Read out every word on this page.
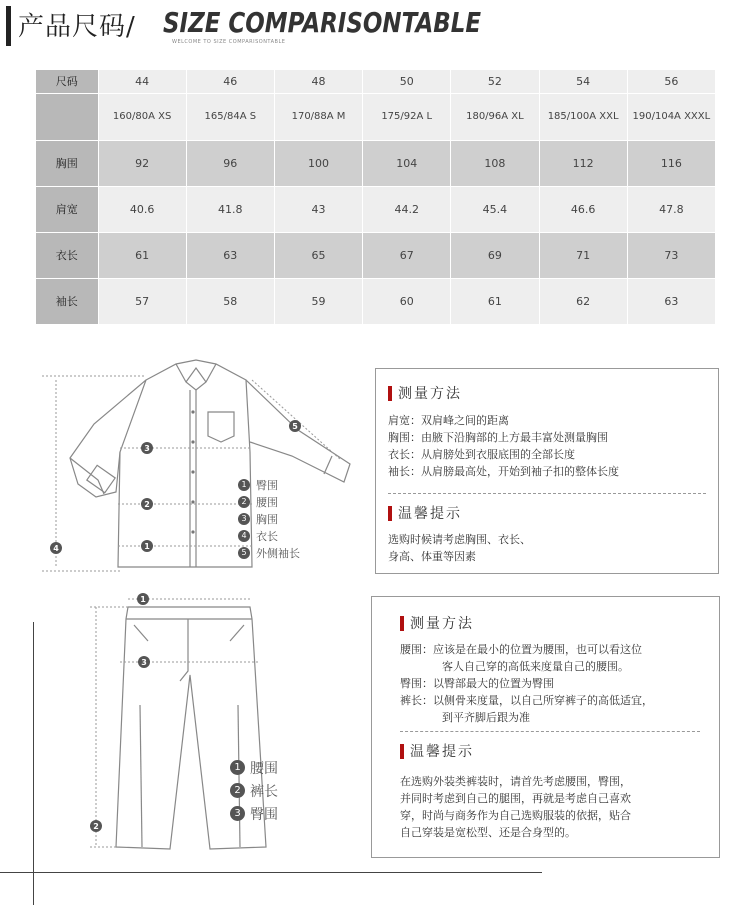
产品尺码/ SIZE COMPARISONTABLE
WELCOME TO SIZE COMPARISONTABLE
尺码	44	46	48	50	52	54	56
	160/80A XS	165/84A S	170/88A M	175/92A L	180/96A XL	185/100A XXL	190/104A XXXL
胸围	92	96	100	104	108	112	116
肩宽	40.6	41.8	43	44.2	45.4	46.6	47.8
衣长	61	63	65	67	69	71	73
袖长	57	58	59	60	61	62	63
3
2
1
4
5
1 臀围
2 腰围
3 胸围
4 衣长
5 外侧袖长
测量方法
肩宽：双肩峰之间的距离
胸围：由腋下沿胸部的上方最丰富处测量胸围
衣长：从肩膀处到衣服底围的全部长度
袖长：从肩膀最高处，开始到袖子扣的整体长度
温馨提示
选购时候请考虑胸围、衣长、
身高、体重等因素
1
3
2
1 腰围
2 裤长
3 臀围
测量方法
腰围：应该是在最小的位置为腰围，也可以看这位
客人自己穿的高低来度量自己的腰围。
臀围：以臀部最大的位置为臀围
裤长：以侧骨来度量，以自己所穿裤子的高低适宜，
到平齐脚后跟为准
温馨提示
在选购外装类裤装时，请首先考虑腰围，臀围，
并同时考虑到自己的腿围，再就是考虑自己喜欢
穿，时尚与商务作为自己选购服装的依据，贴合
自己穿装是宽松型、还是合身型的。
